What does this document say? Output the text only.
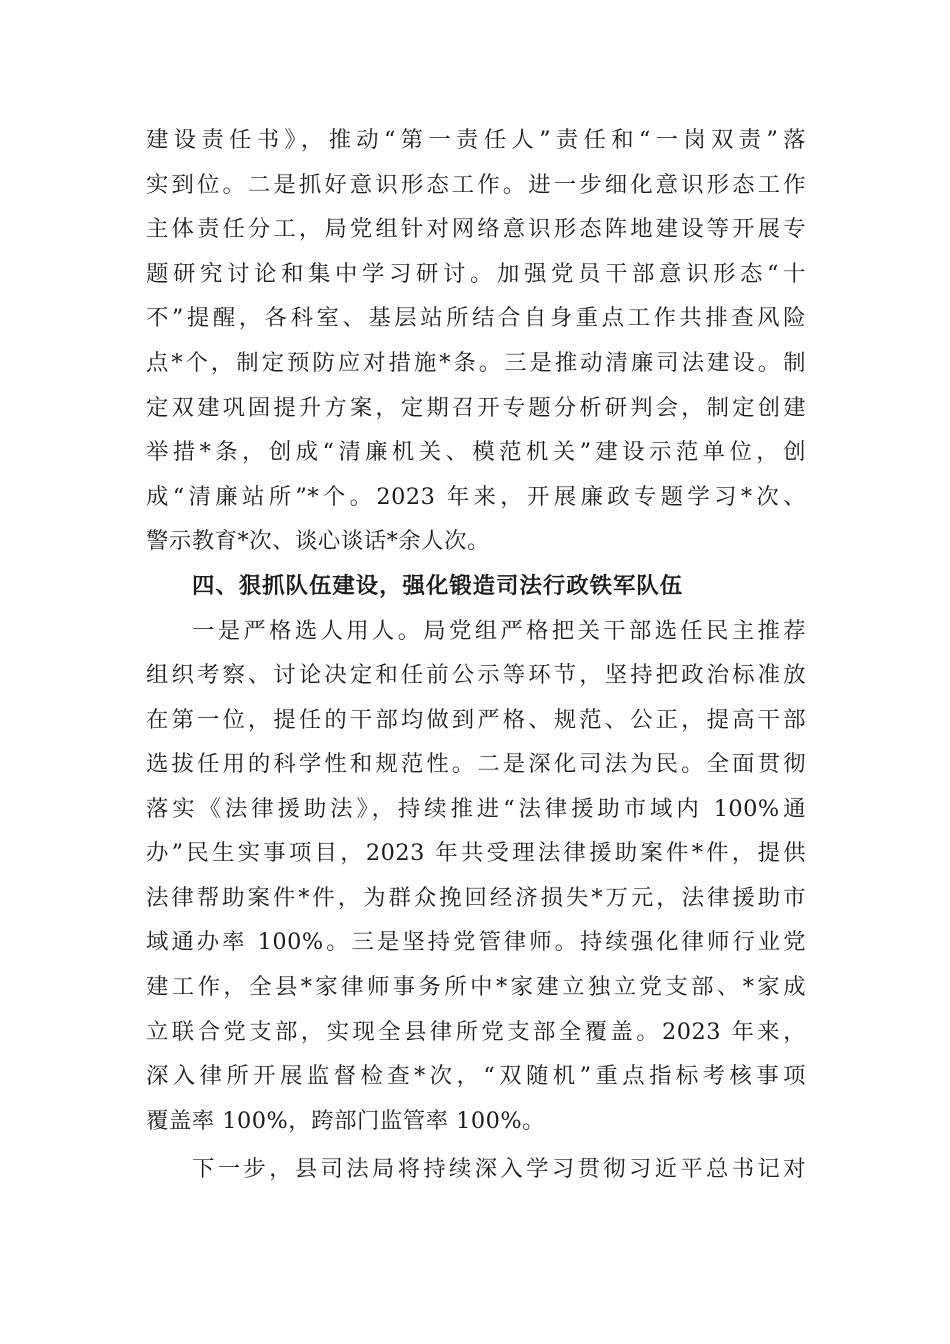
建设责任书》，推动“第一责任人”责任和“一岗双责”落
实到位。二是抓好意识形态工作。进一步细化意识形态工作
主体责任分工，局党组针对网络意识形态阵地建设等开展专
题研究讨论和集中学习研讨。加强党员干部意识形态“十
不”提醒，各科室、基层站所结合自身重点工作共排查风险
点*个，制定预防应对措施*条。三是推动清廉司法建设。制
定双建巩固提升方案，定期召开专题分析研判会，制定创建
举措*条，创成“清廉机关、模范机关”建设示范单位，创
成“清廉站所”*个。2023 年来，开展廉政专题学习*次、
警示教育*次、谈心谈话*余人次。
四、狠抓队伍建设，强化锻造司法行政铁军队伍
一是严格选人用人。局党组严格把关干部选任民主推荐
组织考察、讨论决定和任前公示等环节，坚持把政治标准放
在第一位，提任的干部均做到严格、规范、公正，提高干部
选拔任用的科学性和规范性。二是深化司法为民。全面贯彻
落实《法律援助法》，持续推进“法律援助市域内 100%通
办”民生实事项目，2023 年共受理法律援助案件*件，提供
法律帮助案件*件，为群众挽回经济损失*万元，法律援助市
域通办率 100%。三是坚持党管律师。持续强化律师行业党
建工作，全县*家律师事务所中*家建立独立党支部、*家成
立联合党支部，实现全县律所党支部全覆盖。2023 年来，
深入律所开展监督检查*次，“双随机”重点指标考核事项
覆盖率 100%，跨部门监管率 100%。
下一步，县司法局将持续深入学习贯彻习近平总书记对
